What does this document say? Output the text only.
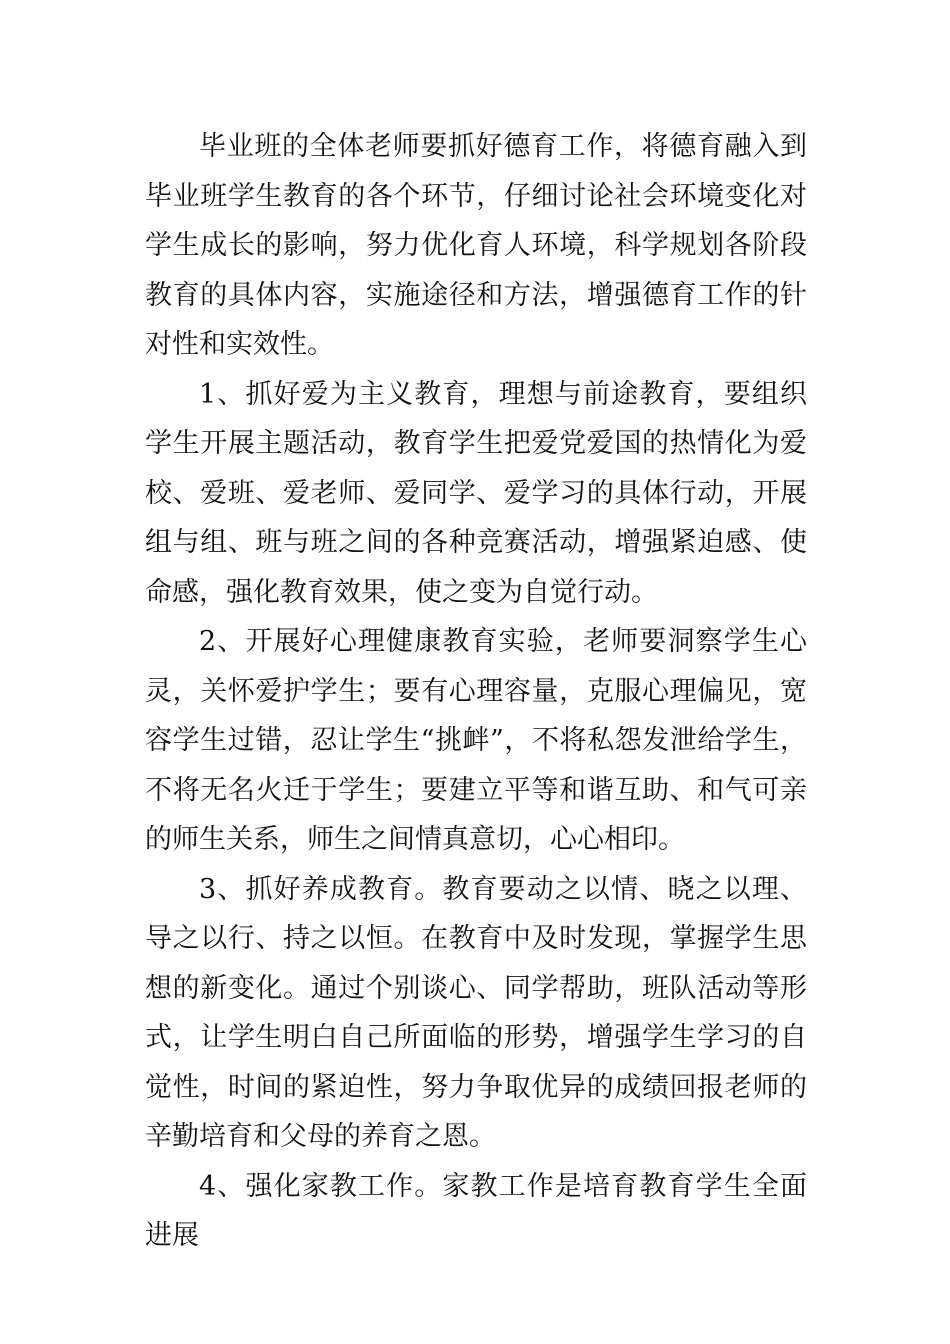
毕业班的全体老师要抓好德育工作，将德育融入到毕业班学生教育的各个环节，仔细讨论社会环境变化对学生成长的影响，努力优化育人环境，科学规划各阶段教育的具体内容，实施途径和方法，增强德育工作的针对性和实效性。

1、抓好爱为主义教育，理想与前途教育，要组织学生开展主题活动，教育学生把爱党爱国的热情化为爱校、爱班、爱老师、爱同学、爱学习的具体行动，开展组与组、班与班之间的各种竞赛活动，增强紧迫感、使命感，强化教育效果，使之变为自觉行动。

2、开展好心理健康教育实验，老师要洞察学生心灵，关怀爱护学生；要有心理容量，克服心理偏见，宽容学生过错，忍让学生“挑衅”，不将私怨发泄给学生，不将无名火迁于学生；要建立平等和谐互助、和气可亲的师生关系，师生之间情真意切，心心相印。

3、抓好养成教育。教育要动之以情、晓之以理、导之以行、持之以恒。在教育中及时发现，掌握学生思想的新变化。通过个别谈心、同学帮助，班队活动等形式，让学生明白自己所面临的形势，增强学生学习的自觉性，时间的紧迫性，努力争取优异的成绩回报老师的辛勤培育和父母的养育之恩。

4、强化家教工作。家教工作是培育教育学生全面进展
